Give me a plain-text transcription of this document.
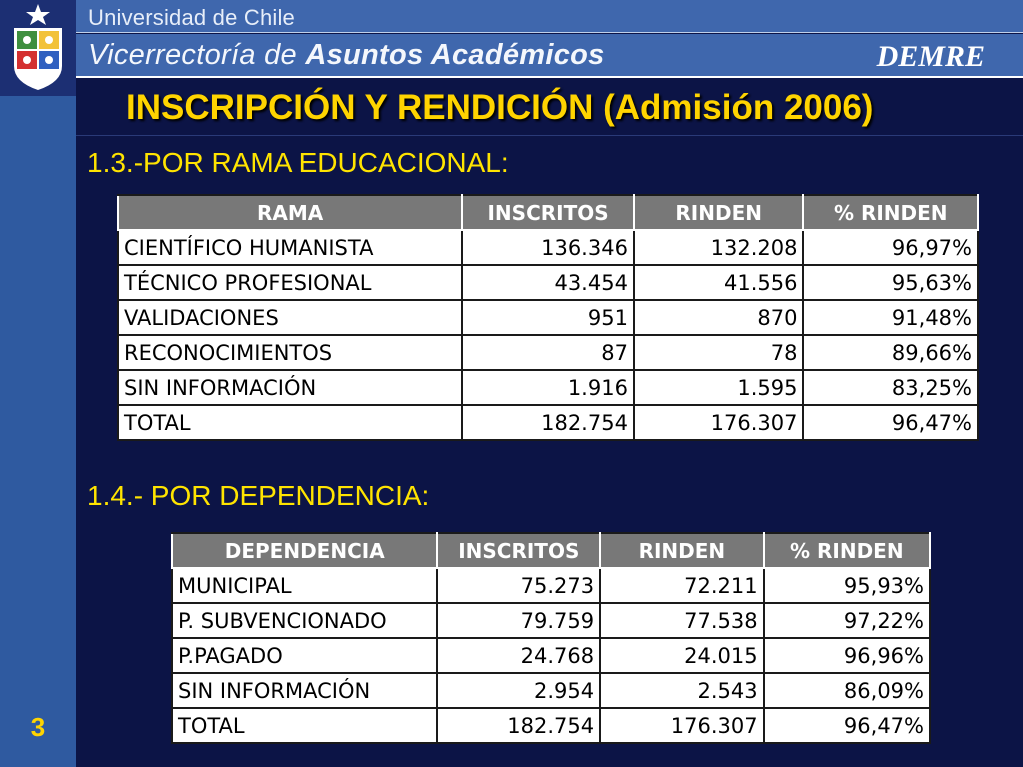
Universidad de Chile
Vicerrectoría de Asuntos Académicos	DEMRE
INSCRIPCIÓN Y RENDICIÓN (Admisión 2006)
1.3.-POR RAMA EDUCACIONAL:
RAMA	INSCRITOS	RINDEN	% RINDEN
CIENTÍFICO HUMANISTA	136.346	132.208	96,97%
TÉCNICO PROFESIONAL	43.454	41.556	95,63%
VALIDACIONES	951	870	91,48%
RECONOCIMIENTOS	87	78	89,66%
SIN INFORMACIÓN	1.916	1.595	83,25%
TOTAL	182.754	176.307	96,47%
1.4.- POR DEPENDENCIA:
DEPENDENCIA	INSCRITOS	RINDEN	% RINDEN
MUNICIPAL	75.273	72.211	95,93%
P. SUBVENCIONADO	79.759	77.538	97,22%
P.PAGADO	24.768	24.015	96,96%
SIN INFORMACIÓN	2.954	2.543	86,09%
TOTAL	182.754	176.307	96,47%
3
